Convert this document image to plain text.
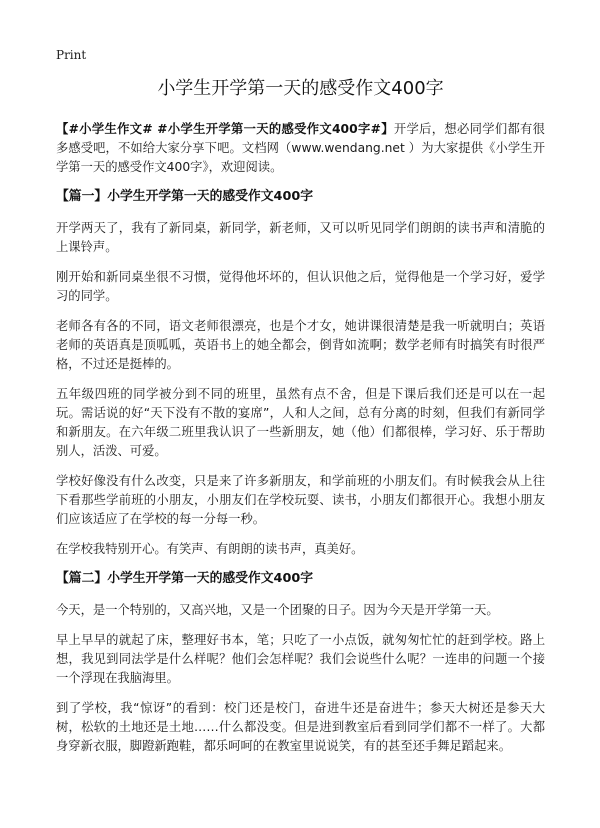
Print
小学生开学第一天的感受作文400字

【#小学生作文# #小学生开学第一天的感受作文400字#】开学后，想必同学们都有很多感受吧，不如给大家分享下吧。文档网（www.wendang.net ）为大家提供《小学生开学第一天的感受作文400字》，欢迎阅读。

【篇一】小学生开学第一天的感受作文400字

开学两天了，我有了新同桌，新同学，新老师，又可以听见同学们朗朗的读书声和清脆的上课铃声。

刚开始和新同桌坐很不习惯，觉得他坏坏的，但认识他之后，觉得他是一个学习好，爱学习的同学。

老师各有各的不同，语文老师很漂亮，也是个才女，她讲课很清楚是我一听就明白；英语老师的英语真是顶呱呱，英语书上的她全都会，倒背如流啊；数学老师有时搞笑有时很严格，不过还是挺棒的。

五年级四班的同学被分到不同的班里，虽然有点不舍，但是下课后我们还是可以在一起玩。需话说的好“天下没有不散的宴席”，人和人之间，总有分离的时刻，但我们有新同学和新朋友。在六年级二班里我认识了一些新朋友，她（他）们都很棒，学习好、乐于帮助别人，活泼、可爱。

学校好像没有什么改变，只是来了许多新朋友，和学前班的小朋友们。有时候我会从上往下看那些学前班的小朋友，小朋友们在学校玩耍、读书，小朋友们都很开心。我想小朋友们应该适应了在学校的每一分每一秒。

在学校我特别开心。有笑声、有朗朗的读书声，真美好。

【篇二】小学生开学第一天的感受作文400字

今天，是一个特别的，又高兴地，又是一个团聚的日子。因为今天是开学第一天。

早上早早的就起了床，整理好书本，笔；只吃了一小点饭，就匆匆忙忙的赶到学校。路上想，我见到同法学是什么样呢？他们会怎样呢？我们会说些什么呢？一连串的问题一个接一个浮现在我脑海里。

到了学校，我“惊讶”的看到：校门还是校门，奋进牛还是奋进牛；参天大树还是参天大树，松软的土地还是土地……什么都没变。但是进到教室后看到同学们都不一样了。大都身穿新衣服，脚蹬新跑鞋，都乐呵呵的在教室里说说笑，有的甚至还手舞足蹈起来。
